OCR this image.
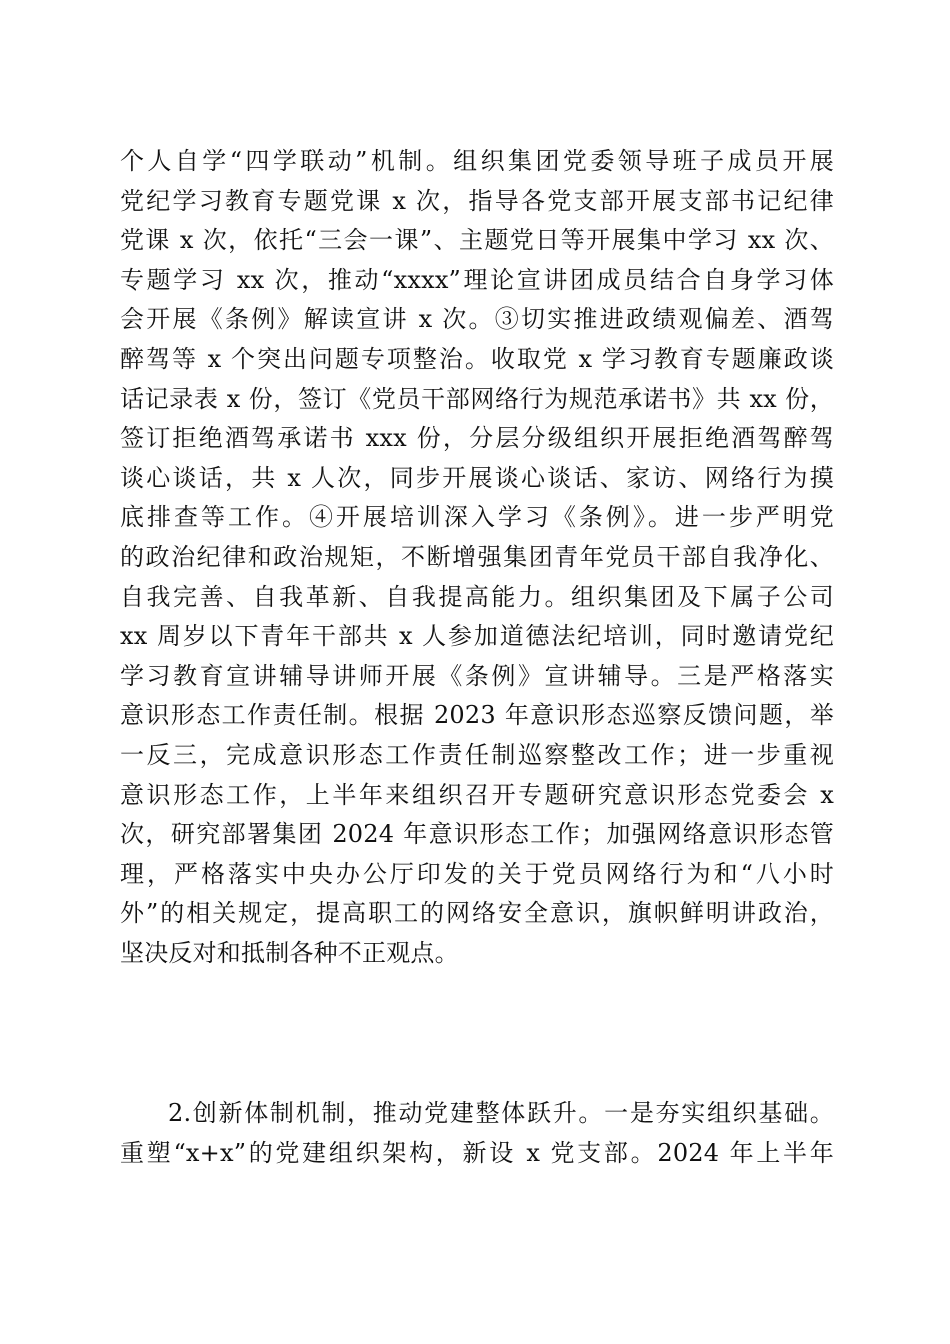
个人自学“四学联动”机制。组织集团党委领导班子成员开展
党纪学习教育专题党课 x 次，指导各党支部开展支部书记纪律
党课 x 次，依托“三会一课”、主题党日等开展集中学习 xx 次、
专题学习 xx 次，推动“xxxx”理论宣讲团成员结合自身学习体
会开展《条例》解读宣讲 x 次。③切实推进政绩观偏差、酒驾
醉驾等 x 个突出问题专项整治。收取党 x 学习教育专题廉政谈
话记录表 x 份，签订《党员干部网络行为规范承诺书》共 xx 份，
签订拒绝酒驾承诺书 xxx 份，分层分级组织开展拒绝酒驾醉驾
谈心谈话，共 x 人次，同步开展谈心谈话、家访、网络行为摸
底排查等工作。④开展培训深入学习《条例》。进一步严明党
的政治纪律和政治规矩，不断增强集团青年党员干部自我净化、
自我完善、自我革新、自我提高能力。组织集团及下属子公司
xx 周岁以下青年干部共 x 人参加道德法纪培训，同时邀请党纪
学习教育宣讲辅导讲师开展《条例》宣讲辅导。三是严格落实
意识形态工作责任制。根据 2023 年意识形态巡察反馈问题，举
一反三，完成意识形态工作责任制巡察整改工作；进一步重视
意识形态工作，上半年来组织召开专题研究意识形态党委会 x
次，研究部署集团 2024 年意识形态工作；加强网络意识形态管
理，严格落实中央办公厅印发的关于党员网络行为和“八小时
外”的相关规定，提高职工的网络安全意识，旗帜鲜明讲政治，
坚决反对和抵制各种不正观点。
2.创新体制机制，推动党建整体跃升。一是夯实组织基础。
重塑“x+x”的党建组织架构，新设 x 党支部。2024 年上半年
